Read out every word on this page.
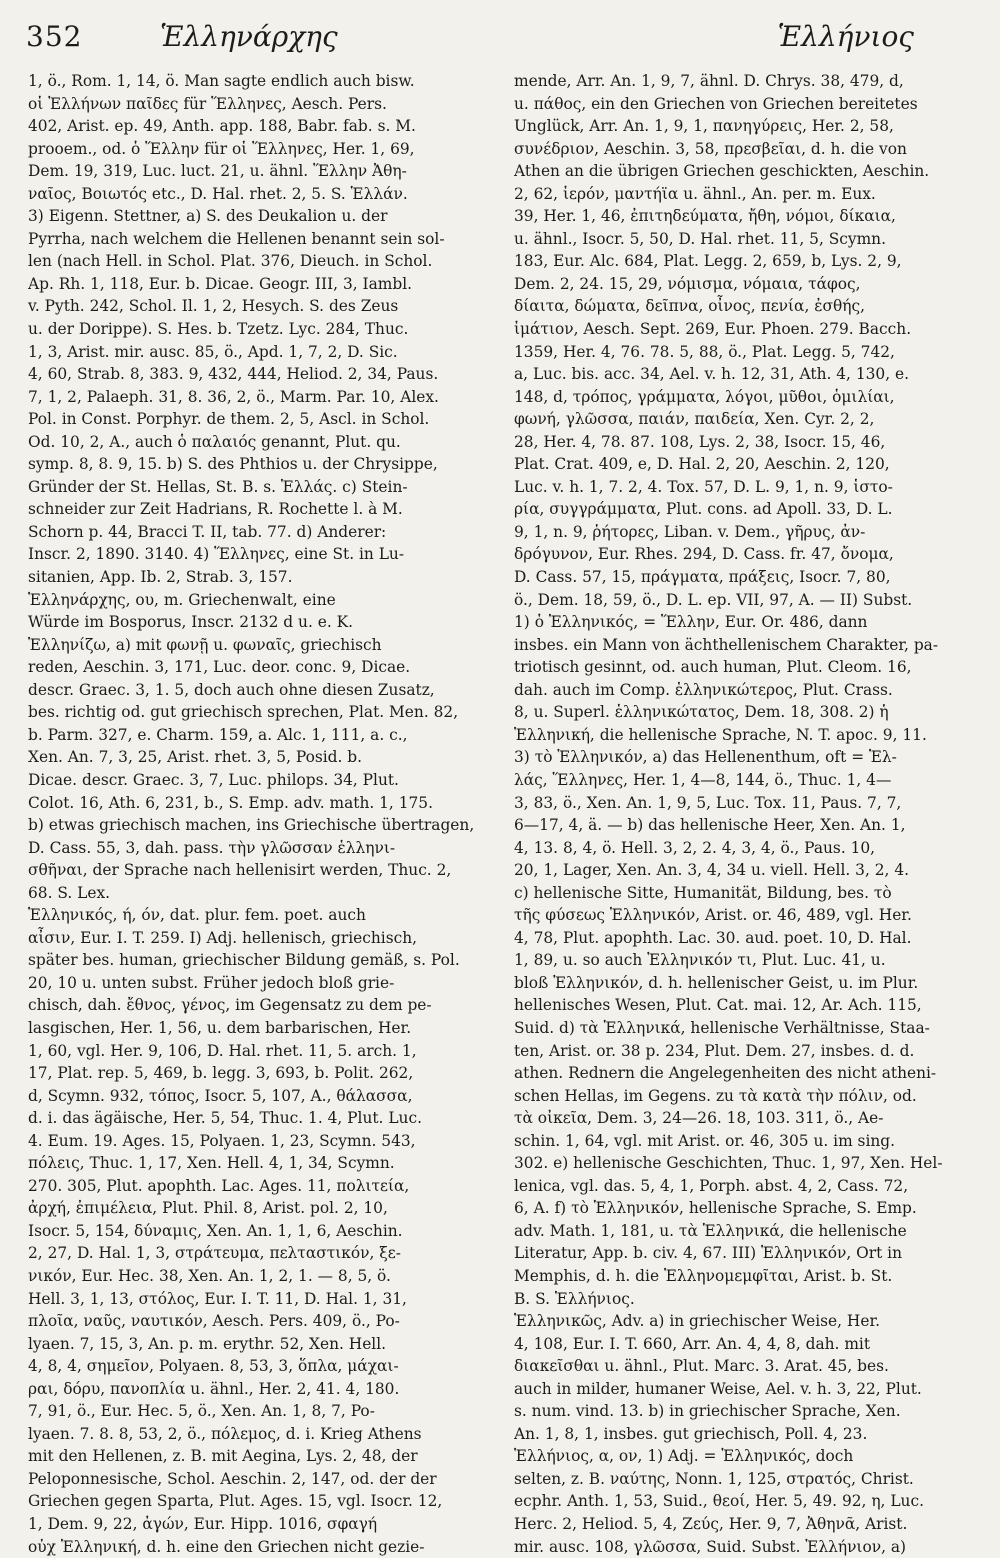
352	Ἑλληνάρχης	Ἑλλήνιος
1, ö., Rom. 1, 14, ö. Man sagte endlich auch bisw.
οἱ Ἑλλήνων παῖδες für Ἕλληνες, Aesch. Pers.
402, Arist. ep. 49, Anth. app. 188, Babr. fab. s. M.
prooem., od. ὁ Ἕλλην für οἱ Ἕλληνες, Her. 1, 69,
Dem. 19, 319, Luc. luct. 21, u. ähnl. Ἕλλην Ἀθη-
ναῖος, Βοιωτός etc., D. Hal. rhet. 2, 5. S. Ἑλλάν.
3) Eigenn. Stettner, a) S. des Deukalion u. der
Pyrrha, nach welchem die Hellenen benannt sein sol-
len (nach Hell. in Schol. Plat. 376, Dieuch. in Schol.
Ap. Rh. 1, 118, Eur. b. Dicae. Geogr. III, 3, Iambl.
v. Pyth. 242, Schol. Il. 1, 2, Hesych. S. des Zeus
u. der Dorippe). S. Hes. b. Tzetz. Lyc. 284, Thuc.
1, 3, Arist. mir. ausc. 85, ö., Apd. 1, 7, 2, D. Sic.
4, 60, Strab. 8, 383. 9, 432, 444, Heliod. 2, 34, Paus.
7, 1, 2, Palaeph. 31, 8. 36, 2, ö., Marm. Par. 10, Alex.
Pol. in Const. Porphyr. de them. 2, 5, Ascl. in Schol.
Od. 10, 2, A., auch ὁ παλαιός genannt, Plut. qu.
symp. 8, 8. 9, 15. b) S. des Phthios u. der Chrysippe,
Gründer der St. Hellas, St. B. s. Ἑλλάς. c) Stein-
schneider zur Zeit Hadrians, R. Rochette l. à M.
Schorn p. 44, Bracci T. II, tab. 77. d) Anderer:
Inscr. 2, 1890. 3140. 4) Ἕλληνες, eine St. in Lu-
sitanien, App. Ib. 2, Strab. 3, 157.
Ἑλληνάρχης, ου, m. Griechenwalt, eine
Würde im Bosporus, Inscr. 2132 d u. e. K.
Ἑλληνίζω, a) mit φωνῇ u. φωναῖς, griechisch
reden, Aeschin. 3, 171, Luc. deor. conc. 9, Dicae.
descr. Graec. 3, 1. 5, doch auch ohne diesen Zusatz,
bes. richtig od. gut griechisch sprechen, Plat. Men. 82,
b. Parm. 327, e. Charm. 159, a. Alc. 1, 111, a. c.,
Xen. An. 7, 3, 25, Arist. rhet. 3, 5, Posid. b.
Dicae. descr. Graec. 3, 7, Luc. philops. 34, Plut.
Colot. 16, Ath. 6, 231, b., S. Emp. adv. math. 1, 175.
b) etwas griechisch machen, ins Griechische übertragen,
D. Cass. 55, 3, dah. pass. τὴν γλῶσσαν ἑλληνι-
σθῆναι, der Sprache nach hellenisirt werden, Thuc. 2,
68. S. Lex.
Ἑλληνικός, ή, όν, dat. plur. fem. poet. auch
αἶσιν, Eur. I. T. 259. I) Adj. hellenisch, griechisch,
später bes. human, griechischer Bildung gemäß, s. Pol.
20, 10 u. unten subst. Früher jedoch bloß grie-
chisch, dah. ἔθνος, γένος, im Gegensatz zu dem pe-
lasgischen, Her. 1, 56, u. dem barbarischen, Her.
1, 60, vgl. Her. 9, 106, D. Hal. rhet. 11, 5. arch. 1,
17, Plat. rep. 5, 469, b. legg. 3, 693, b. Polit. 262,
d, Scymn. 932, τόπος, Isocr. 5, 107, A., θάλασσα,
d. i. das ägäische, Her. 5, 54, Thuc. 1. 4, Plut. Luc.
4. Eum. 19. Ages. 15, Polyaen. 1, 23, Scymn. 543,
πόλεις, Thuc. 1, 17, Xen. Hell. 4, 1, 34, Scymn.
270. 305, Plut. apophth. Lac. Ages. 11, πολιτεία,
ἀρχή, ἐπιμέλεια, Plut. Phil. 8, Arist. pol. 2, 10,
Isocr. 5, 154, δύναμις, Xen. An. 1, 1, 6, Aeschin.
2, 27, D. Hal. 1, 3, στράτευμα, πελταστικόν, ξε-
νικόν, Eur. Hec. 38, Xen. An. 1, 2, 1. — 8, 5, ö.
Hell. 3, 1, 13, στόλος, Eur. I. T. 11, D. Hal. 1, 31,
πλοῖα, ναῦς, ναυτικόν, Aesch. Pers. 409, ö., Po-
lyaen. 7, 15, 3, An. p. m. erythr. 52, Xen. Hell.
4, 8, 4, σημεῖον, Polyaen. 8, 53, 3, ὅπλα, μάχαι-
ραι, δόρυ, πανοπλία u. ähnl., Her. 2, 41. 4, 180.
7, 91, ö., Eur. Hec. 5, ö., Xen. An. 1, 8, 7, Po-
lyaen. 7. 8. 8, 53, 2, ö., πόλεμος, d. i. Krieg Athens
mit den Hellenen, z. B. mit Aegina, Lys. 2, 48, der
Peloponnesische, Schol. Aeschin. 2, 147, od. der der
Griechen gegen Sparta, Plut. Ages. 15, vgl. Isocr. 12,
1, Dem. 9, 22, ἀγών, Eur. Hipp. 1016, σφαγή
οὐχ Ἑλληνική, d. h. eine den Griechen nicht gezie-
mende, Arr. An. 1, 9, 7, ähnl. D. Chrys. 38, 479, d,
u. πάθος, ein den Griechen von Griechen bereitetes
Unglück, Arr. An. 1, 9, 1, πανηγύρεις, Her. 2, 58,
συνέδριον, Aeschin. 3, 58, πρεσβεῖαι, d. h. die von
Athen an die übrigen Griechen geschickten, Aeschin.
2, 62, ἱερόν, μαντήϊα u. ähnl., An. per. m. Eux.
39, Her. 1, 46, ἐπιτηδεύματα, ἤθη, νόμοι, δίκαια,
u. ähnl., Isocr. 5, 50, D. Hal. rhet. 11, 5, Scymn.
183, Eur. Alc. 684, Plat. Legg. 2, 659, b, Lys. 2, 9,
Dem. 2, 24. 15, 29, νόμισμα, νόμαια, τάφος,
δίαιτα, δώματα, δεῖπνα, οἶνος, πενία, ἐσθής,
ἱμάτιον, Aesch. Sept. 269, Eur. Phoen. 279. Bacch.
1359, Her. 4, 76. 78. 5, 88, ö., Plat. Legg. 5, 742,
a, Luc. bis. acc. 34, Ael. v. h. 12, 31, Ath. 4, 130, e.
148, d, τρόπος, γράμματα, λόγοι, μῦθοι, ὁμιλίαι,
φωνή, γλῶσσα, παιάν, παιδεία, Xen. Cyr. 2, 2,
28, Her. 4, 78. 87. 108, Lys. 2, 38, Isocr. 15, 46,
Plat. Crat. 409, e, D. Hal. 2, 20, Aeschin. 2, 120,
Luc. v. h. 1, 7. 2, 4. Tox. 57, D. L. 9, 1, n. 9, ἱστο-
ρία, συγγράμματα, Plut. cons. ad Apoll. 33, D. L.
9, 1, n. 9, ῥήτορες, Liban. v. Dem., γῆρυς, ἀν-
δρόγυνον, Eur. Rhes. 294, D. Cass. fr. 47, ὄνομα,
D. Cass. 57, 15, πράγματα, πράξεις, Isocr. 7, 80,
ö., Dem. 18, 59, ö., D. L. ep. VII, 97, A. — II) Subst.
1) ὁ Ἑλληνικός, = Ἕλλην, Eur. Or. 486, dann
insbes. ein Mann von ächthellenischem Charakter, pa-
triotisch gesinnt, od. auch human, Plut. Cleom. 16,
dah. auch im Comp. ἑλληνικώτερος, Plut. Crass.
8, u. Superl. ἑλληνικώτατος, Dem. 18, 308. 2) ἡ
Ἑλληνική, die hellenische Sprache, N. T. apoc. 9, 11.
3) τὸ Ἑλληνικόν, a) das Hellenenthum, oft = Ἑλ-
λάς, Ἕλληνες, Her. 1, 4—8, 144, ö., Thuc. 1, 4—
3, 83, ö., Xen. An. 1, 9, 5, Luc. Tox. 11, Paus. 7, 7,
6—17, 4, ä. — b) das hellenische Heer, Xen. An. 1,
4, 13. 8, 4, ö. Hell. 3, 2, 2. 4, 3, 4, ö., Paus. 10,
20, 1, Lager, Xen. An. 3, 4, 34 u. viell. Hell. 3, 2, 4.
c) hellenische Sitte, Humanität, Bildung, bes. τὸ
τῆς φύσεως Ἑλληνικόν, Arist. or. 46, 489, vgl. Her.
4, 78, Plut. apophth. Lac. 30. aud. poet. 10, D. Hal.
1, 89, u. so auch Ἑλληνικόν τι, Plut. Luc. 41, u.
bloß Ἑλληνικόν, d. h. hellenischer Geist, u. im Plur.
hellenisches Wesen, Plut. Cat. mai. 12, Ar. Ach. 115,
Suid. d) τὰ Ἑλληνικά, hellenische Verhältnisse, Staa-
ten, Arist. or. 38 p. 234, Plut. Dem. 27, insbes. d. d.
athen. Rednern die Angelegenheiten des nicht atheni-
schen Hellas, im Gegens. zu τὰ κατὰ τὴν πόλιν, od.
τὰ οἰκεῖα, Dem. 3, 24—26. 18, 103. 311, ö., Ae-
schin. 1, 64, vgl. mit Arist. or. 46, 305 u. im sing.
302. e) hellenische Geschichten, Thuc. 1, 97, Xen. Hel-
lenica, vgl. das. 5, 4, 1, Porph. abst. 4, 2, Cass. 72,
6, A. f) τὸ Ἑλληνικόν, hellenische Sprache, S. Emp.
adv. Math. 1, 181, u. τὰ Ἑλληνικά, die hellenische
Literatur, App. b. civ. 4, 67. III) Ἑλληνικόν, Ort in
Memphis, d. h. die Ἑλληνομεμφῖται, Arist. b. St.
B. S. Ἑλλήνιος.
Ἑλληνικῶς, Adv. a) in griechischer Weise, Her.
4, 108, Eur. I. T. 660, Arr. An. 4, 4, 8, dah. mit
διακεῖσθαι u. ähnl., Plut. Marc. 3. Arat. 45, bes.
auch in milder, humaner Weise, Ael. v. h. 3, 22, Plut.
s. num. vind. 13. b) in griechischer Sprache, Xen.
An. 1, 8, 1, insbes. gut griechisch, Poll. 4, 23.
Ἑλλήνιος, α, ον, 1) Adj. = Ἑλληνικός, doch
selten, z. B. ναύτης, Nonn. 1, 125, στρατός, Christ.
ecphr. Anth. 1, 53, Suid., θεοί, Her. 5, 49. 92, η, Luc.
Herc. 2, Heliod. 5, 4, Ζεύς, Her. 9, 7, Ἀθηνᾶ, Arist.
mir. ausc. 108, γλῶσσα, Suid. Subst. Ἑλλήνιον, a)
